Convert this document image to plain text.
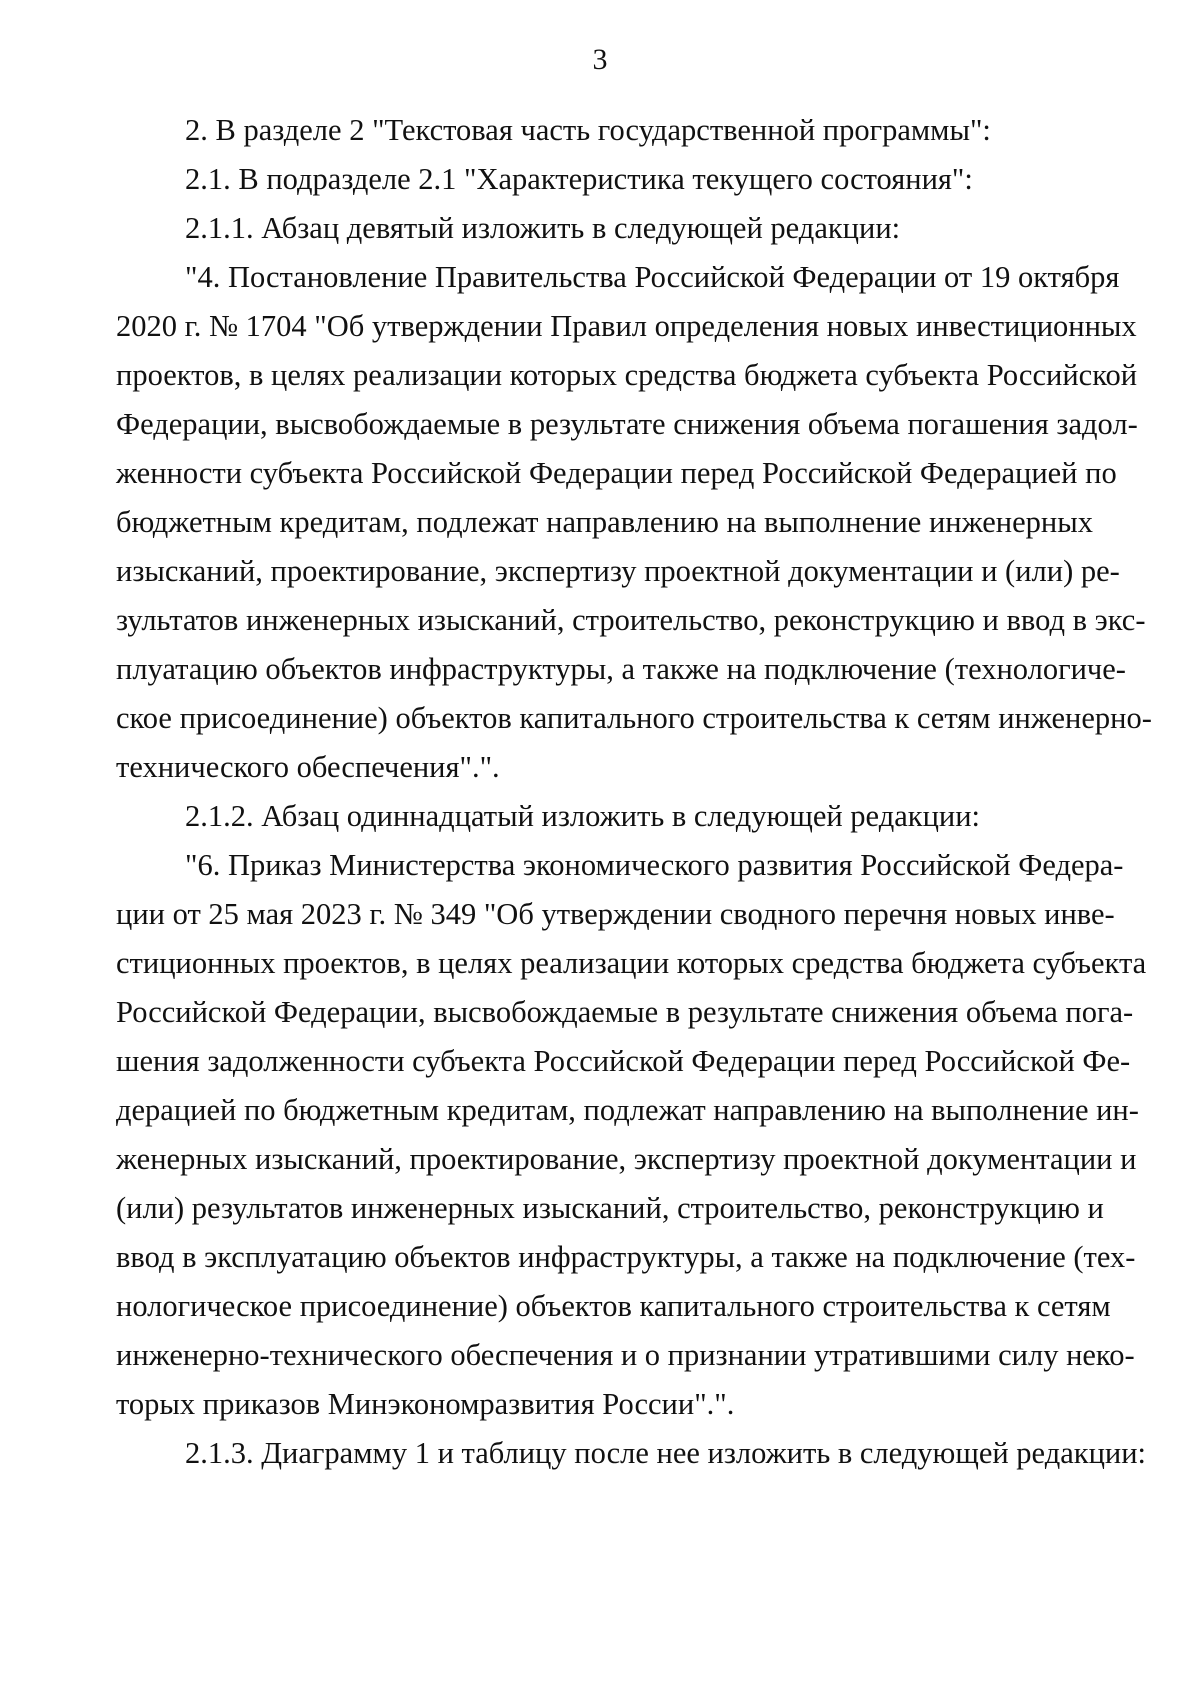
3
2. В разделе 2 "Текстовая часть государственной программы":
2.1. В подразделе 2.1 "Характеристика текущего состояния":
2.1.1. Абзац девятый изложить в следующей редакции:
"4. Постановление Правительства Российской Федерации от 19 октября
2020 г. № 1704 "Об утверждении Правил определения новых инвестиционных
проектов, в целях реализации которых средства бюджета субъекта Российской
Федерации, высвобождаемые в результате снижения объема погашения задол-
женности субъекта Российской Федерации перед Российской Федерацией по
бюджетным кредитам, подлежат направлению на выполнение инженерных
изысканий, проектирование, экспертизу проектной документации и (или) ре-
зультатов инженерных изысканий, строительство, реконструкцию и ввод в экс-
плуатацию объектов инфраструктуры, а также на подключение (технологиче-
ское присоединение) объектов капитального строительства к сетям инженерно-
технического обеспечения".".
2.1.2. Абзац одиннадцатый изложить в следующей редакции:
"6. Приказ Министерства экономического развития Российской Федера-
ции от 25 мая 2023 г. № 349 "Об утверждении сводного перечня новых инве-
стиционных проектов, в целях реализации которых средства бюджета субъекта
Российской Федерации, высвобождаемые в результате снижения объема пога-
шения задолженности субъекта Российской Федерации перед Российской Фе-
дерацией по бюджетным кредитам, подлежат направлению на выполнение ин-
женерных изысканий, проектирование, экспертизу проектной документации и
(или) результатов инженерных изысканий, строительство, реконструкцию и
ввод в эксплуатацию объектов инфраструктуры, а также на подключение (тех-
нологическое присоединение) объектов капитального строительства к сетям
инженерно-технического обеспечения и о признании утратившими силу неко-
торых приказов Минэкономразвития России".".
2.1.3. Диаграмму 1 и таблицу после нее изложить в следующей редакции:
